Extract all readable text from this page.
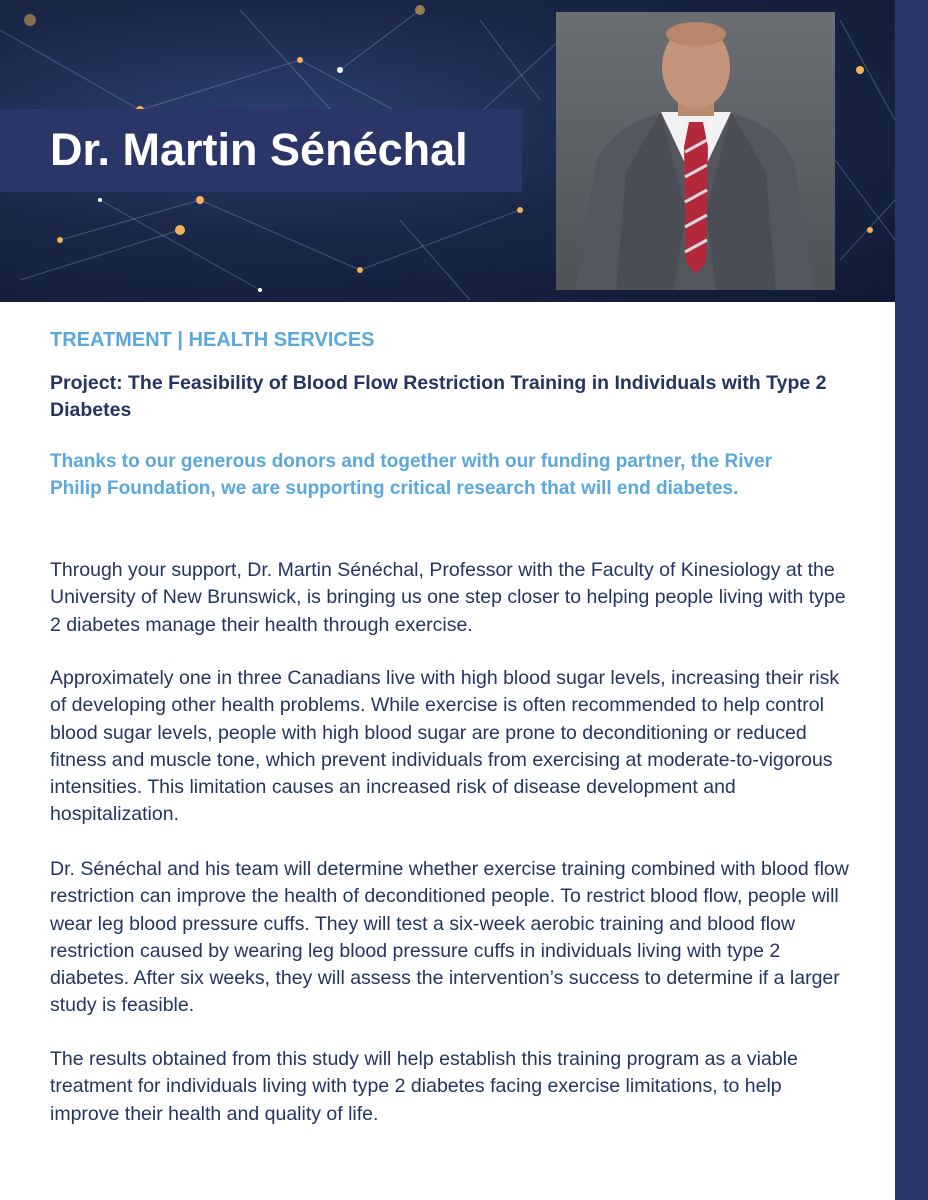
Dr. Martin Sénéchal
TREATMENT | HEALTH SERVICES
Project: The Feasibility of Blood Flow Restriction Training in Individuals with Type 2 Diabetes
Thanks to our generous donors and together with our funding partner, the River Philip Foundation, we are supporting critical research that will end diabetes.
Through your support, Dr. Martin Sénéchal, Professor with the Faculty of Kinesiology at the University of New Brunswick, is bringing us one step closer to helping people living with type 2 diabetes manage their health through exercise.
Approximately one in three Canadians live with high blood sugar levels, increasing their risk of developing other health problems. While exercise is often recommended to help control blood sugar levels, people with high blood sugar are prone to deconditioning or reduced fitness and muscle tone, which prevent individuals from exercising at moderate-to-vigorous intensities. This limitation causes an increased risk of disease development and hospitalization.
Dr. Sénéchal and his team will determine whether exercise training combined with blood flow restriction can improve the health of deconditioned people. To restrict blood flow, people will wear leg blood pressure cuffs. They will test a six-week aerobic training and blood flow restriction caused by wearing leg blood pressure cuffs in individuals living with type 2 diabetes. After six weeks, they will assess the intervention’s success to determine if a larger study is feasible.
The results obtained from this study will help establish this training program as a viable treatment for individuals living with type 2 diabetes facing exercise limitations, to help improve their health and quality of life.
